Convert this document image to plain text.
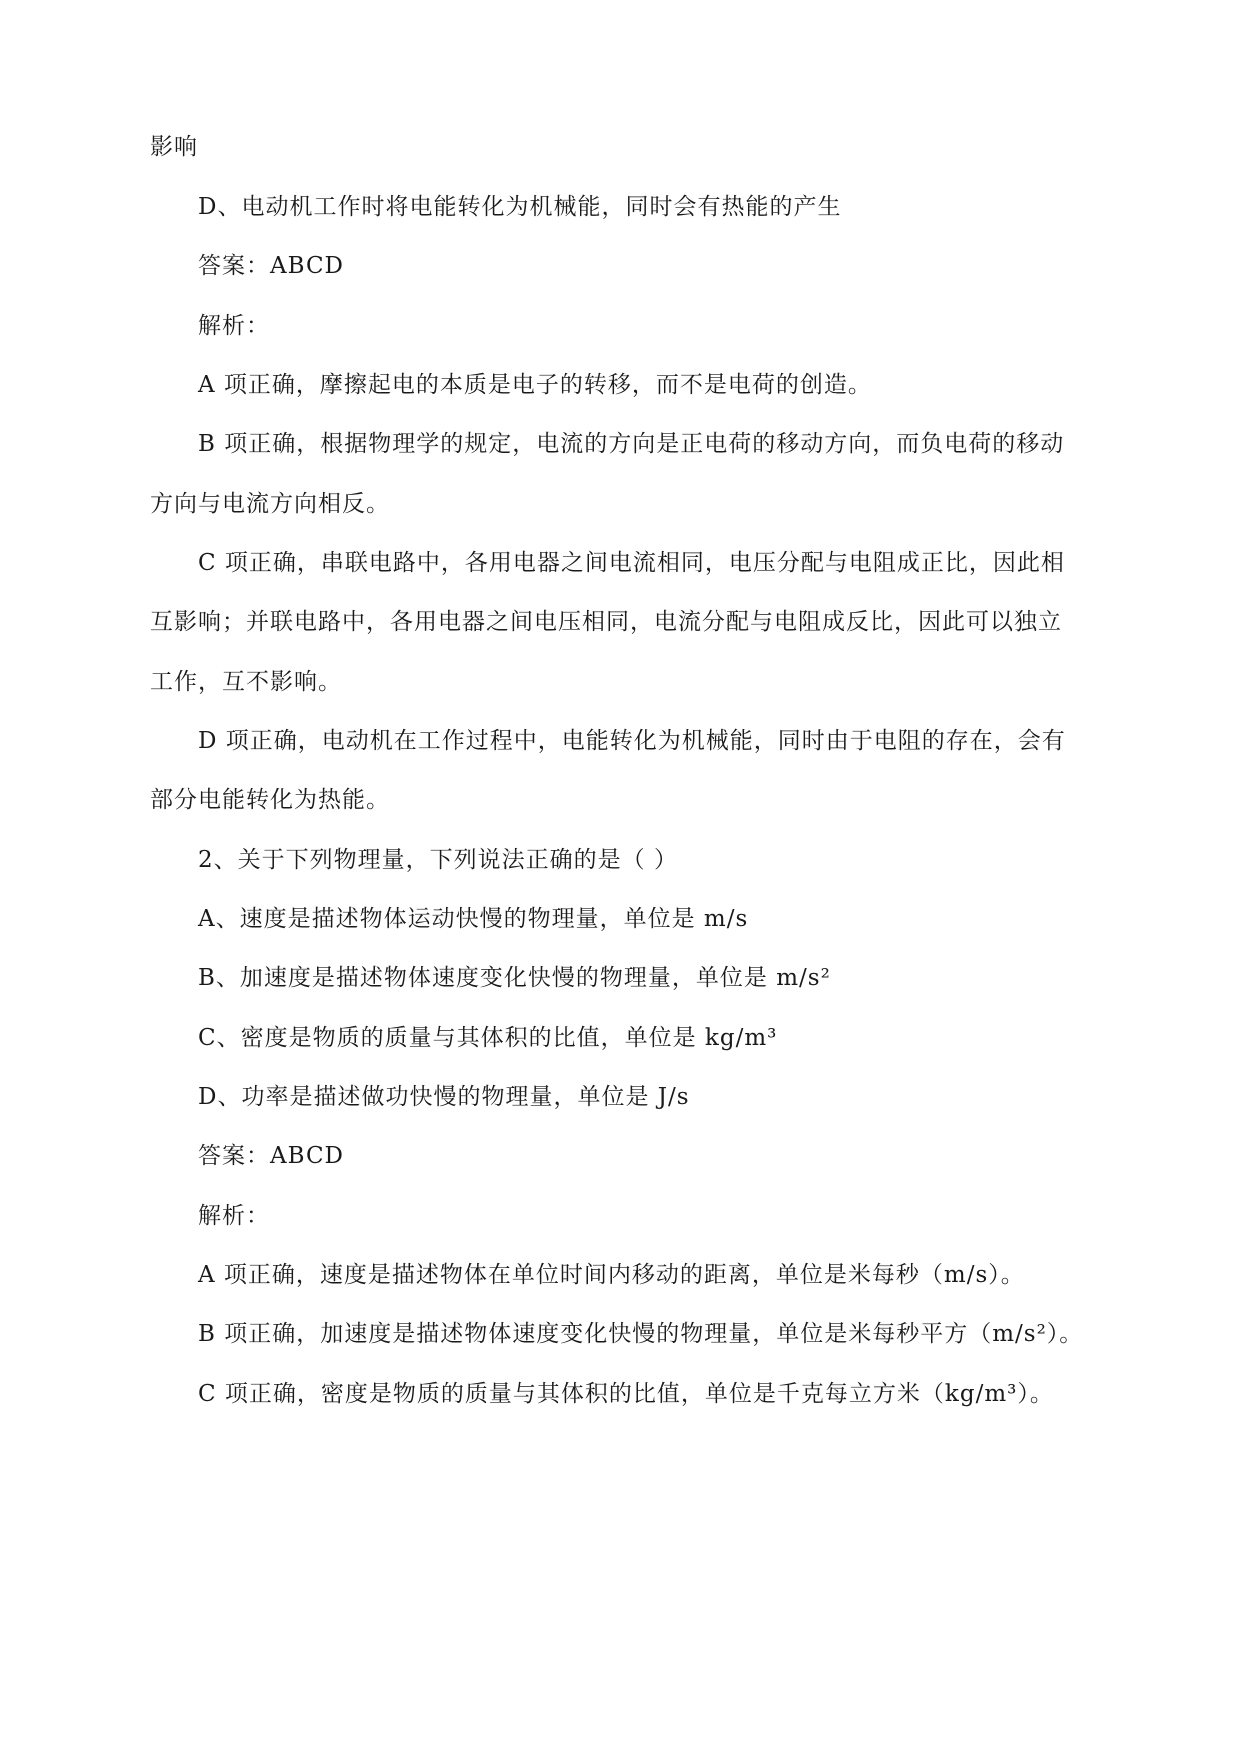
影响
D、电动机工作时将电能转化为机械能，同时会有热能的产生
答案：ABCD
解析：
A 项正确，摩擦起电的本质是电子的转移，而不是电荷的创造。
B 项正确，根据物理学的规定，电流的方向是正电荷的移动方向，而负电荷的移动
方向与电流方向相反。
C 项正确，串联电路中，各用电器之间电流相同，电压分配与电阻成正比，因此相
互影响；并联电路中，各用电器之间电压相同，电流分配与电阻成反比，因此可以独立
工作，互不影响。
D 项正确，电动机在工作过程中，电能转化为机械能，同时由于电阻的存在，会有
部分电能转化为热能。
2、关于下列物理量，下列说法正确的是（ ）
A、速度是描述物体运动快慢的物理量，单位是 m/s
B、加速度是描述物体速度变化快慢的物理量，单位是 m/s²
C、密度是物质的质量与其体积的比值，单位是 kg/m³
D、功率是描述做功快慢的物理量，单位是 J/s
答案：ABCD
解析：
A 项正确，速度是描述物体在单位时间内移动的距离，单位是米每秒（m/s）。
B 项正确，加速度是描述物体速度变化快慢的物理量，单位是米每秒平方（m/s²）。
C 项正确，密度是物质的质量与其体积的比值，单位是千克每立方米（kg/m³）。
